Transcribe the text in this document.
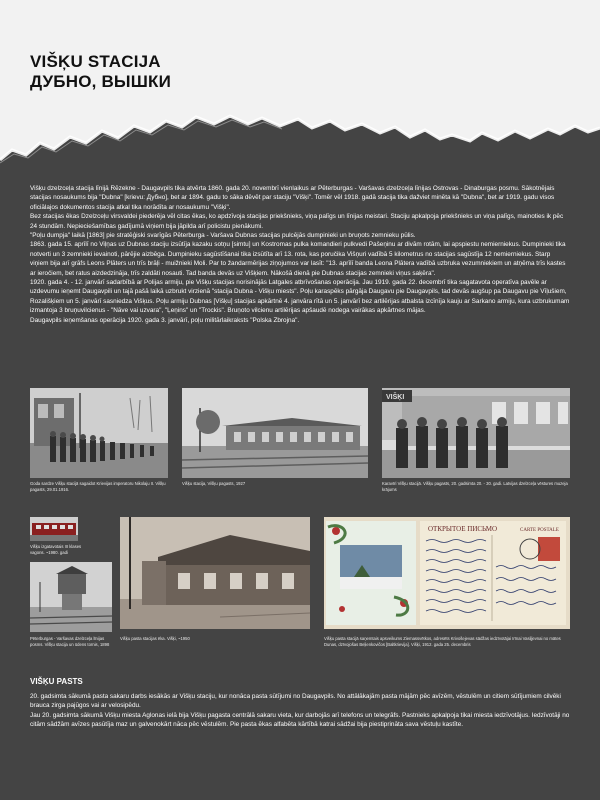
VIŠĶU STACIJA
ДУБНО, ВЫШКИ

Višķu dzelzceļa stacija līnijā Rēzekne - Daugavpils tika atvērta 1860. gada 20. novembrī vienlaikus ar Pēterburgas - Varšavas dzelzceļa līnijas Ostrovas - Dinaburgas posmu. Sākotnējais stacijas nosaukums bija "Dubna" [krievu: Дубно], bet ar 1894. gadu to sāka dēvēt par staciju "Višķi". Tomēr vēl 1918. gadā stacija tika dažviet minēta kā "Dubna", bet ar 1919. gadu visos oficiālajos dokumentos stacija atkal tika norādīta ar nosaukumu "Višķi".

Bez stacijas ēkas Dzelzceļu virsvaldei piederēja vēl citas ēkas, ko apdzīvoja stacijas priekšnieks, viņa palīgs un līnijas meistari. Staciju apkalpoja priekšnieks un viņa palīgs, mainoties ik pēc 24 stundām. Nepieciešamības gadījumā viņiem bija jāpilda arī policistu pienākumi.

"Poļu dumpja" laikā [1863] pie stratēģiski svarīgās Pēterburga - Varšava Dubnas stacijas pulcējās dumpinieki un bruņots zemnieku pūlis.

1863. gada 15. aprīlī no Viļņas uz Dubnas staciju izsūtīja kazaku sotņu [simtu] un Kostromas pulka komandieri pulkvedi Pašeņinu ar divām rotām, lai apspiestu nemierniekus. Dumpinieki tika notverti un 3 zemnieki ievainoti, pārējie aizbēga. Dumpinieku sagūstīšanai tika izsūtīta arī 13. rota, kas poručika Višņuri vadībā 5 kilometrus no stacijas sagūstīja 12 nemierniekus. Starp viņiem bija arī grāfs Leons Plāters un trīs brāļi - muižnieki Moli. Par to žandarmērijas ziņojumos var lasīt: "13. aprīlī banda Leona Plātera vadībā uzbruka vezumniekiem un atņēma trīs kastes ar ieročiem, bet ratus aizdedzināja, trīs zaldāti nosauti. Tad banda devās uz Višķiem. Nākošā dienā pie Dubnas stacijas zemnieki viņus saķēra".

1920. gada 4. - 12. janvārī sadarbībā ar Polijas armiju, pie Višķu stacijas norisinājās Latgales atbrīvošanas operācija. Jau 1919. gada 22. decembrī tika sagatavota operatīva pavēle ar uzdevumu ieņemt Daugavpili un tajā pašā laikā uzbrukt virzienā "stacija Dubna - Višķu miests". Poļu karaspēks pārgāja Daugavu pie Daugavpils, tad devās augšup pa Daugavu pie Vīļušiem, Rozališķiem un 5. janvārī sasniedza Višķus. Poļu armiju Dubnas [Višķu] stacijas apkārtnē 4. janvāra rītā un 5. janvārī bez artilērijas atbalsta izcīnīja kauju ar Sarkano armiju, kura uzbrukumam izmantoja 3 bruņuvilcienus - "Nāve vai uzvara", "Ļeņins" un "Trockis". Bruņoto vilcienu artilērijas apšaudē nodega vairākas apkārtnes mājas.

Daugavpils ieņemšanas operācija 1920. gada 3. janvārī, poļu militārlaikraksts "Polska Zbrojna".

Goda sardze Višķu stacijā sagaidot Krievijas imperatoru Nikolaju II. Višķu pagasts, 29.01.1916.
Višķu stacija, Višķu pagasts, 1927
VIŠĶI
Karavīri Višķu stacijā. Višķu pagasts, 20. gadsimta 20. - 30. gadi. Latvijas dzelzceļa vēstures muzeja krājums
Višķu izgatavotais III klases vagons. ~1980. gadi
Pēterburgas - Varšavas dzelzceļa līnijas posms. Višķu stacija un ūdens tornis, 1898
Višķu pasta stacijas ēka. Višķi, ~1950
ОТКРЫТОЕ ПИСЬМО	CARTE POSTALE
Višķu pasta stacijā saņemtais apsveikums Ziemassvētkos, adresēts Krivošejevas sādžas iedzīvotājai Irīnai Vasiļjevnai no mātes Dunas, dzīvojošas Beļienkovičos [Baltkrievija]. Višķi, 1912. gada 25. decembris
VIŠĶU PASTS

20. gadsimta sākumā pasta sakaru darbs iesākās ar Višķu staciju, kur nonāca pasta sūtījumi no Daugavpils. No attālākajām pasta mājām pēc avīzēm, vēstulēm un citiem sūtījumiem cilvēki brauca zirga pajūgos vai ar velosipēdu.

Jau 20. gadsimta sākumā Višķu miesta Aglonas ielā bija Višķu pagasta centrālā sakaru vieta, kur darbojās arī telefons un telegrāfs. Pastnieks apkalpoja tikai miesta iedzīvotājus. Iedzīvotāji no citām sādžām avīzes pasūtīja maz un galvenokārt nāca pēc vēstulēm. Pie pasta ēkas alfabēta kārtībā katrai sādžai bija piestiprināta sava vēstuļu kastīte.
